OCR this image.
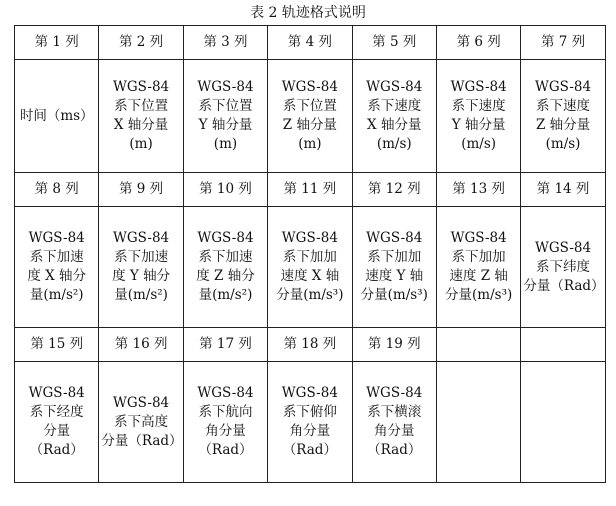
表 2 轨迹格式说明
第 1 列	第 2 列	第 3 列	第 4 列	第 5 列	第 6 列	第 7 列

时间（ms）	WGS-84
系下位置
X 轴分量
(m)	WGS-84
系下位置
Y 轴分量
(m)	WGS-84
系下位置
Z 轴分量
(m)	WGS-84
系下速度
X 轴分量
(m/s)	WGS-84
系下速度
Y 轴分量
(m/s)	WGS-84
系下速度
Z 轴分量
(m/s)

第 8 列	第 9 列	第 10 列	第 11 列	第 12 列	第 13 列	第 14 列

WGS-84
系下加速
度 X 轴分
量(m/s²)	WGS-84
系下加速
度 Y 轴分
量(m/s²)	WGS-84
系下加速
度 Z 轴分
量(m/s²)	WGS-84
系下加加
速度 X 轴
分量(m/s³)	WGS-84
系下加加
速度 Y 轴
分量(m/s³)	WGS-84
系下加加
速度 Z 轴
分量(m/s³)	WGS-84
系下纬度
分量（Rad）

第 15 列	第 16 列	第 17 列	第 18 列	第 19 列		

WGS-84
系下经度
分量
（Rad）	WGS-84
系下高度
分量（Rad）	WGS-84
系下航向
角分量
（Rad）	WGS-84
系下俯仰
角分量
（Rad）	WGS-84
系下横滚
角分量
（Rad）		
